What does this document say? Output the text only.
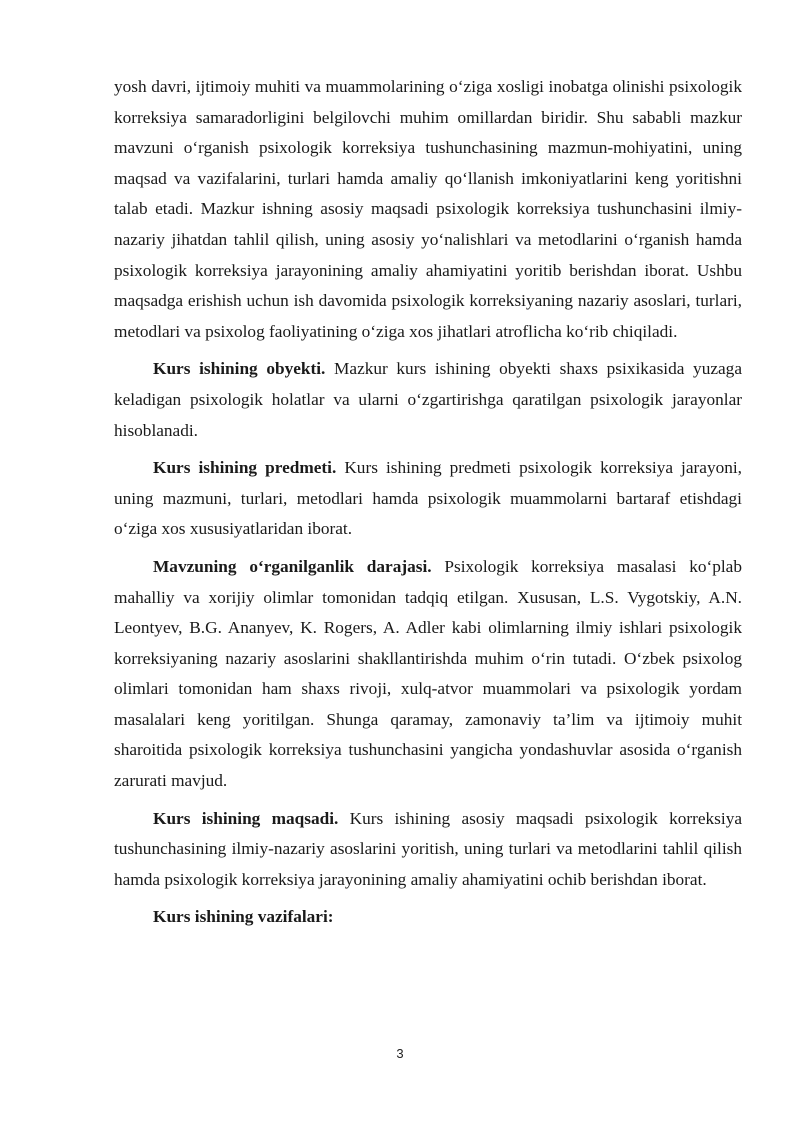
yosh davri, ijtimoiy muhiti va muammolarining o‘ziga xosligi inobatga olinishi psixologik korreksiya samaradorligini belgilovchi muhim omillardan biridir. Shu sababli mazkur mavzuni o‘rganish psixologik korreksiya tushunchasining mazmun-mohiyatini, uning maqsad va vazifalarini, turlari hamda amaliy qo‘llanish imkoniyatlarini keng yoritishni talab etadi. Mazkur ishning asosiy maqsadi psixologik korreksiya tushunchasini ilmiy-nazariy jihatdan tahlil qilish, uning asosiy yo‘nalishlari va metodlarini o‘rganish hamda psixologik korreksiya jarayonining amaliy ahamiyatini yoritib berishdan iborat. Ushbu maqsadga erishish uchun ish davomida psixologik korreksiyaning nazariy asoslari, turlari, metodlari va psixolog faoliyatining o‘ziga xos jihatlari atroflicha ko‘rib chiqiladi.

Kurs ishining obyekti. Mazkur kurs ishining obyekti shaxs psixikasida yuzaga keladigan psixologik holatlar va ularni o‘zgartirishga qaratilgan psixologik jarayonlar hisoblanadi.

Kurs ishining predmeti. Kurs ishining predmeti psixologik korreksiya jarayoni, uning mazmuni, turlari, metodlari hamda psixologik muammolarni bartaraf etishdagi o‘ziga xos xususiyatlaridan iborat.

Mavzuning o‘rganilganlik darajasi. Psixologik korreksiya masalasi ko‘plab mahalliy va xorijiy olimlar tomonidan tadqiq etilgan. Xususan, L.S. Vygotskiy, A.N. Leontyev, B.G. Ananyev, K. Rogers, A. Adler kabi olimlarning ilmiy ishlari psixologik korreksiyaning nazariy asoslarini shakllantirishda muhim o‘rin tutadi. O‘zbek psixolog olimlari tomonidan ham shaxs rivoji, xulq-atvor muammolari va psixologik yordam masalalari keng yoritilgan. Shunga qaramay, zamonaviy ta’lim va ijtimoiy muhit sharoitida psixologik korreksiya tushunchasini yangicha yondashuvlar asosida o‘rganish zarurati mavjud.

Kurs ishining maqsadi. Kurs ishining asosiy maqsadi psixologik korreksiya tushunchasining ilmiy-nazariy asoslarini yoritish, uning turlari va metodlarini tahlil qilish hamda psixologik korreksiya jarayonining amaliy ahamiyatini ochib berishdan iborat.

Kurs ishining vazifalari:

3
